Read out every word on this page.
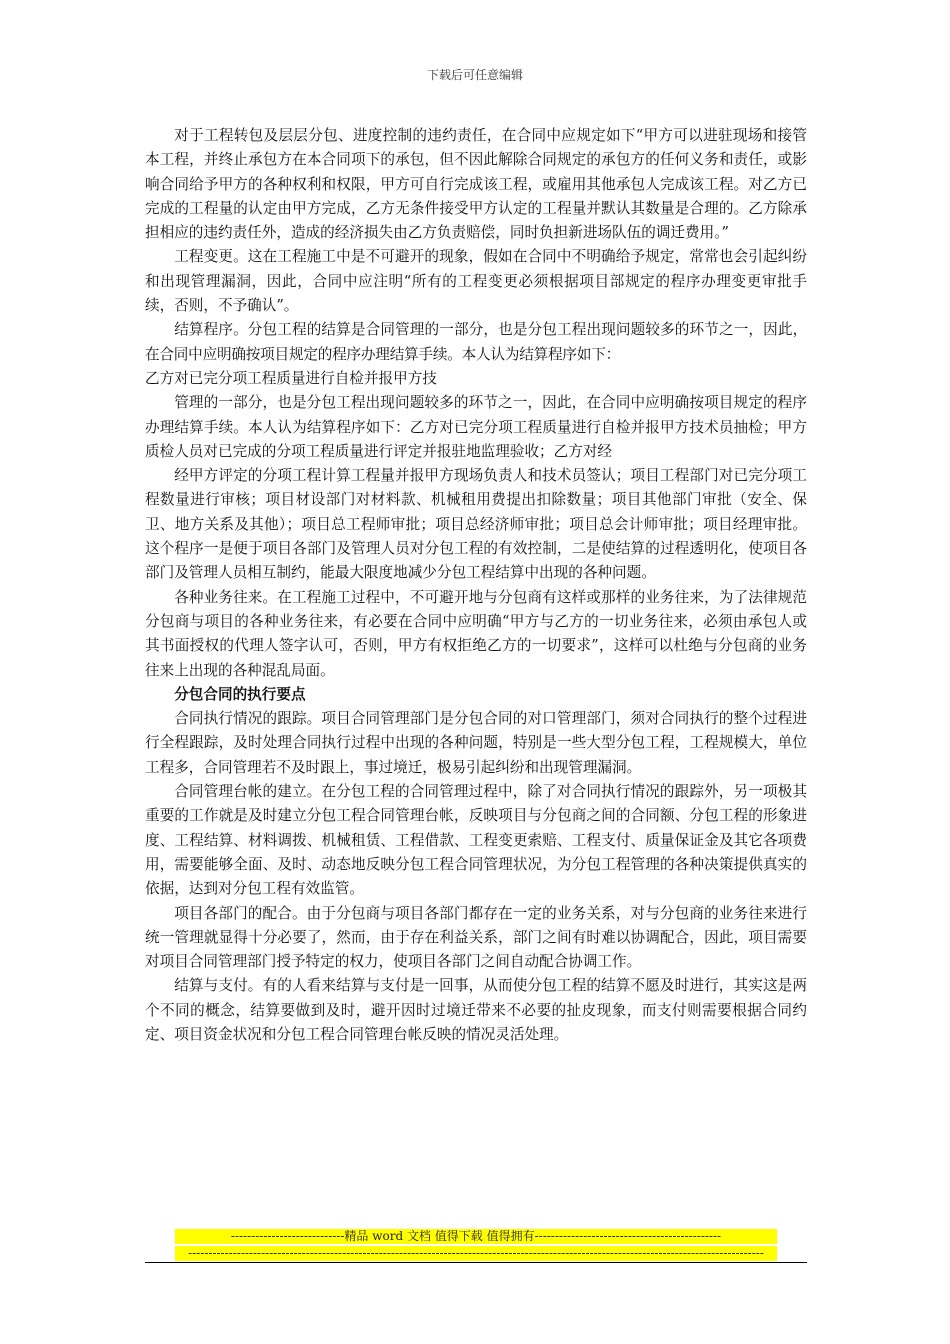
下载后可任意编辑

对于工程转包及层层分包、进度控制的违约责任，在合同中应规定如下“甲方可以进驻现场和接管本工程，并终止承包方在本合同项下的承包，但不因此解除合同规定的承包方的任何义务和责任，或影响合同给予甲方的各种权利和权限，甲方可自行完成该工程，或雇用其他承包人完成该工程。对乙方已完成的工程量的认定由甲方完成，乙方无条件接受甲方认定的工程量并默认其数量是合理的。乙方除承担相应的违约责任外，造成的经济损失由乙方负责赔偿，同时负担新进场队伍的调迁费用。”

工程变更。这在工程施工中是不可避开的现象，假如在合同中不明确给予规定，常常也会引起纠纷和出现管理漏洞，因此，合同中应注明“所有的工程变更必须根据项目部规定的程序办理变更审批手续，否则，不予确认”。

结算程序。分包工程的结算是合同管理的一部分，也是分包工程出现问题较多的环节之一，因此，在合同中应明确按项目规定的程序办理结算手续。本人认为结算程序如下：

乙方对已完分项工程质量进行自检并报甲方技

管理的一部分，也是分包工程出现问题较多的环节之一，因此，在合同中应明确按项目规定的程序办理结算手续。本人认为结算程序如下：乙方对已完分项工程质量进行自检并报甲方技术员抽检；甲方质检人员对已完成的分项工程质量进行评定并报驻地监理验收；乙方对经

经甲方评定的分项工程计算工程量并报甲方现场负责人和技术员签认；项目工程部门对已完分项工程数量进行审核；项目材设部门对材料款、机械租用费提出扣除数量；项目其他部门审批（安全、保卫、地方关系及其他）；项目总工程师审批；项目总经济师审批；项目总会计师审批；项目经理审批。这个程序一是便于项目各部门及管理人员对分包工程的有效控制，二是使结算的过程透明化，使项目各部门及管理人员相互制约，能最大限度地减少分包工程结算中出现的各种问题。

各种业务往来。在工程施工过程中，不可避开地与分包商有这样或那样的业务往来，为了法律规范分包商与项目的各种业务往来，有必要在合同中应明确“甲方与乙方的一切业务往来，必须由承包人或其书面授权的代理人签字认可，否则，甲方有权拒绝乙方的一切要求”，这样可以杜绝与分包商的业务往来上出现的各种混乱局面。

分包合同的执行要点

合同执行情况的跟踪。项目合同管理部门是分包合同的对口管理部门，须对合同执行的整个过程进行全程跟踪，及时处理合同执行过程中出现的各种问题，特别是一些大型分包工程，工程规模大，单位工程多，合同管理若不及时跟上，事过境迁，极易引起纠纷和出现管理漏洞。

合同管理台帐的建立。在分包工程的合同管理过程中，除了对合同执行情况的跟踪外，另一项极其重要的工作就是及时建立分包工程合同管理台帐，反映项目与分包商之间的合同额、分包工程的形象进度、工程结算、材料调拨、机械租赁、工程借款、工程变更索赔、工程支付、质量保证金及其它各项费用，需要能够全面、及时、动态地反映分包工程合同管理状况，为分包工程管理的各种决策提供真实的依据，达到对分包工程有效监管。

项目各部门的配合。由于分包商与项目各部门都存在一定的业务关系，对与分包商的业务往来进行统一管理就显得十分必要了，然而，由于存在利益关系，部门之间有时难以协调配合，因此，项目需要对项目合同管理部门授予特定的权力，使项目各部门之间自动配合协调工作。

结算与支付。有的人看来结算与支付是一回事，从而使分包工程的结算不愿及时进行，其实这是两个不同的概念，结算要做到及时，避开因时过境迁带来不必要的扯皮现象，而支付则需要根据合同约定、项目资金状况和分包工程合同管理台帐反映的情况灵活处理。

----------------------------精品 word 文档 值得下载 值得拥有----------------------------------------------
----------------------------------------------------------------------------------------------------------------------------------------------
